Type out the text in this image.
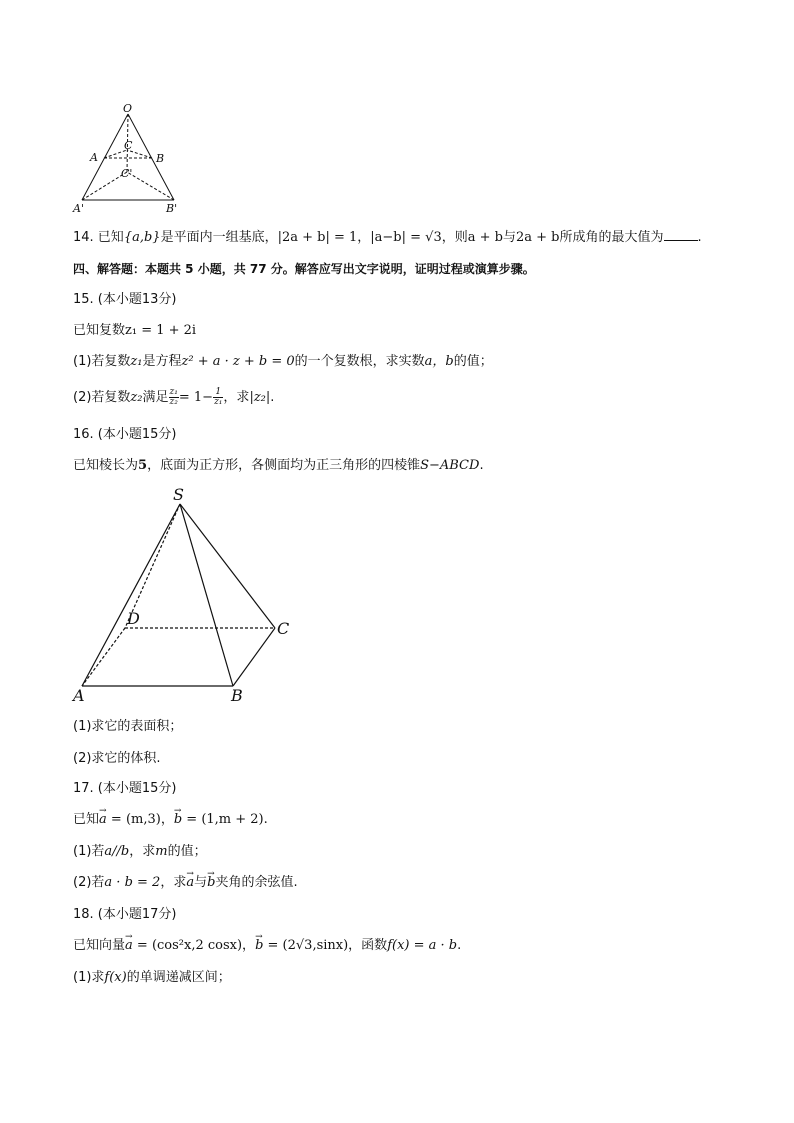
O
A	B
C
C'
A'	B'
14. 已知{a,b}是平面内一组基底，|2a + b| = 1，|a−b| = √3，则a + b与2a + b所成角的最大值为	.
四、解答题：本题共 5 小题，共 77 分。解答应写出文字说明，证明过程或演算步骤。
15. (本小题13分)
已知复数z₁ = 1 + 2i
(1)若复数z₁是方程z² + a · z + b = 0的一个复数根，求实数a，b的值；
(2)若复数z₂满足 $\frac{\text{z₁}}{\text{z₂}} = 1- \frac{1}{\text{z₁}}$ ，求|z₂|.
16. (本小题15分)
已知棱长为5，底面为正方形，各侧面均为正三角形的四棱锥S−ABCD.
S
D
C
A	B
(1)求它的表面积；
(2)求它的体积.
17. (本小题15分)
已知→ a = (m,3)，→ b = (1,m + 2).
(1)若a//b，求m的值；
(2)若a · b = 2，求→ a与→ b夹角的余弦值.
18. (本小题17分)
已知向量→ a = (cos²x,2 cosx)，→ b = (2√3,sinx)，函数f(x) = a · b.
(1)求f(x)的单调递减区间；
